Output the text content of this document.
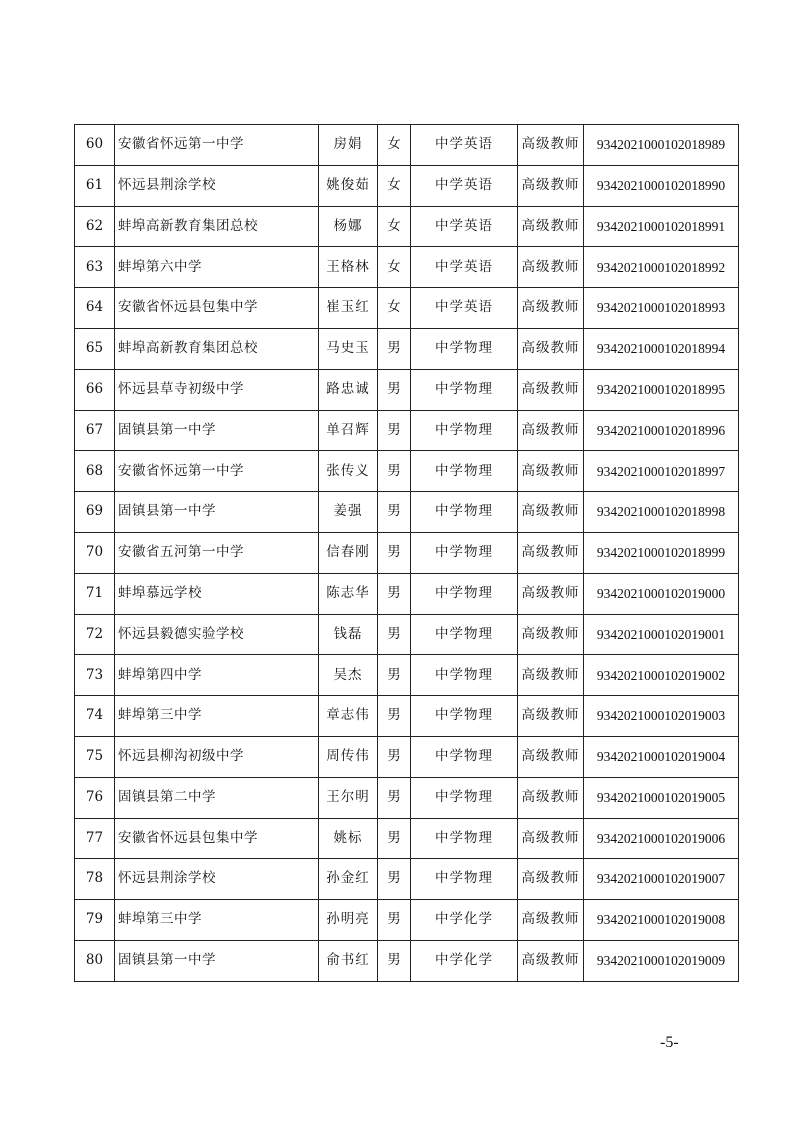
60	安徽省怀远第一中学	房娟	女	中学英语	高级教师	9342021000102018989
61	怀远县荆涂学校	姚俊茹	女	中学英语	高级教师	9342021000102018990
62	蚌埠高新教育集团总校	杨娜	女	中学英语	高级教师	9342021000102018991
63	蚌埠第六中学	王格林	女	中学英语	高级教师	9342021000102018992
64	安徽省怀远县包集中学	崔玉红	女	中学英语	高级教师	9342021000102018993
65	蚌埠高新教育集团总校	马史玉	男	中学物理	高级教师	9342021000102018994
66	怀远县草寺初级中学	路忠诚	男	中学物理	高级教师	9342021000102018995
67	固镇县第一中学	单召辉	男	中学物理	高级教师	9342021000102018996
68	安徽省怀远第一中学	张传义	男	中学物理	高级教师	9342021000102018997
69	固镇县第一中学	姜强	男	中学物理	高级教师	9342021000102018998
70	安徽省五河第一中学	信春刚	男	中学物理	高级教师	9342021000102018999
71	蚌埠慕远学校	陈志华	男	中学物理	高级教师	9342021000102019000
72	怀远县毅德实验学校	钱磊	男	中学物理	高级教师	9342021000102019001
73	蚌埠第四中学	吴杰	男	中学物理	高级教师	9342021000102019002
74	蚌埠第三中学	章志伟	男	中学物理	高级教师	9342021000102019003
75	怀远县柳沟初级中学	周传伟	男	中学物理	高级教师	9342021000102019004
76	固镇县第二中学	王尔明	男	中学物理	高级教师	9342021000102019005
77	安徽省怀远县包集中学	姚标	男	中学物理	高级教师	9342021000102019006
78	怀远县荆涂学校	孙金红	男	中学物理	高级教师	9342021000102019007
79	蚌埠第三中学	孙明亮	男	中学化学	高级教师	9342021000102019008
80	固镇县第一中学	俞书红	男	中学化学	高级教师	9342021000102019009
-5-
